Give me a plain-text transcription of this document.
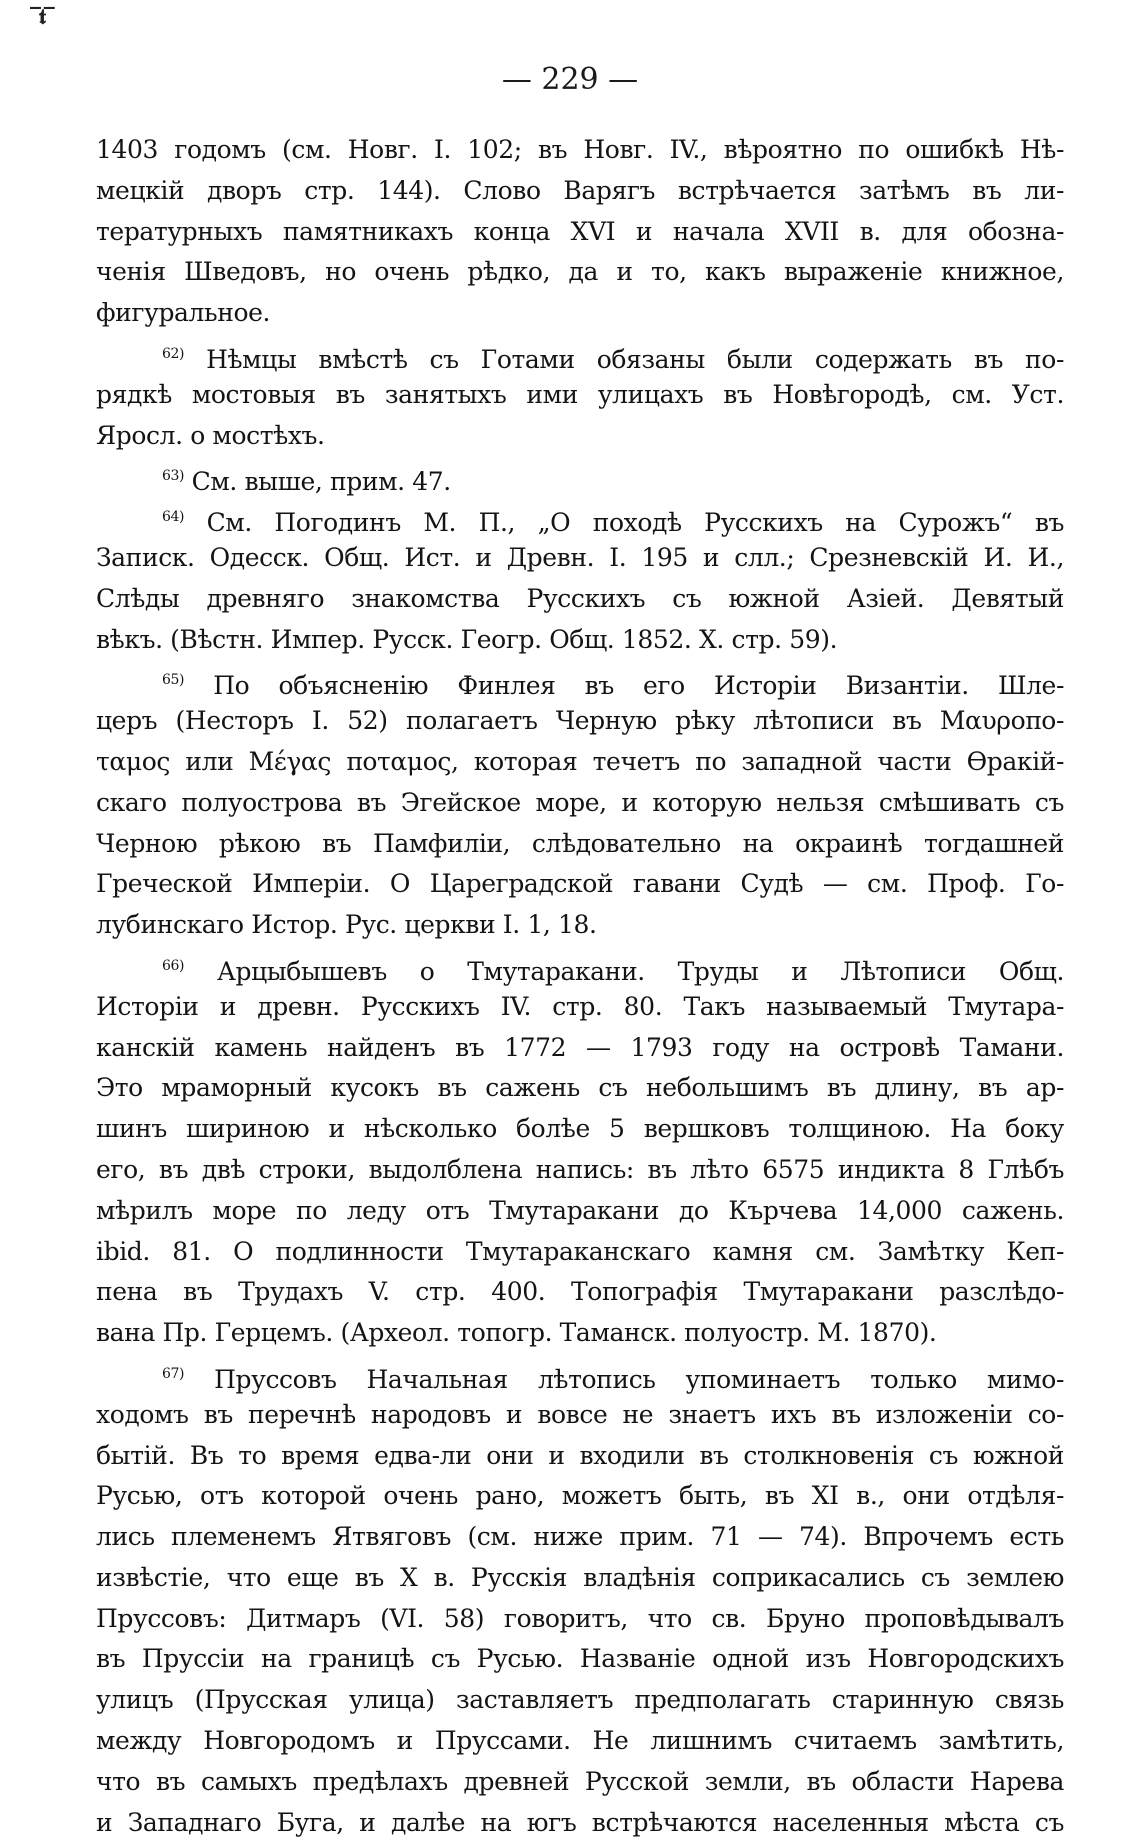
‾𝖙‾
— 229 —
1403 годомъ (см. Новг. I. 102; въ Новг. IV., вѣроятно по ошибкѣ Нѣ-
мецкій дворъ стр. 144). Слово Варягъ встрѣчается затѣмъ въ ли-
тературныхъ памятникахъ конца XVI и начала XVII в. для обозна-
ченія Шведовъ, но очень рѣдко, да и то, какъ выраженіе книжное,
фигуральное.
$^{62)}$ Нѣмцы вмѣстѣ съ Готами обязаны были содержать въ по-
рядкѣ мостовыя въ занятыхъ ими улицахъ въ Новѣгородѣ, см. Уст.
Яросл. о мостѣхъ.
$^{63)}$ См. выше, прим. 47.
$^{64)}$ См. Погодинъ М. П., „О походѣ Русскихъ на Сурожъ“ въ
Записк. Одесск. Общ. Ист. и Древн. I. 195 и слл.; Срезневскій И. И.,
Слѣды древняго знакомства Русскихъ съ южной Азіей. Девятый
вѣкъ. (Вѣстн. Импер. Русск. Геогр. Общ. 1852. X. стр. 59).
$^{65)}$ По объясненію Финлея въ его Исторіи Византіи. Шле-
церъ (Несторъ I. 52) полагаетъ Черную рѣку лѣтописи въ Μαυροπο-
ταμος или Μέγας ποταμος, которая течетъ по западной части Ѳракій-
скаго полуострова въ Эгейское море, и которую нельзя смѣшивать съ
Черною рѣкою въ Памфиліи, слѣдовательно на окраинѣ тогдашней
Греческой Имперіи. О Цареградской гавани Судѣ — см. Проф. Го-
лубинскаго Истор. Рус. церкви I. 1, 18.
$^{66)}$ Арцыбышевъ о Тмутаракани. Труды и Лѣтописи Общ.
Исторіи и древн. Русскихъ IV. стр. 80. Такъ называемый Тмутара-
канскій камень найденъ въ 1772 — 1793 году на островѣ Тамани.
Это мраморный кусокъ въ сажень съ небольшимъ въ длину, въ ар-
шинъ шириною и нѣсколько болѣе 5 вершковъ толщиною. На боку
его, въ двѣ строки, выдолблена напись: въ лѣто 6575 индикта 8 Глѣбъ
мѣрилъ море по леду отъ Тмутаракани до Кърчева 14,000 сажень.
ibid. 81. О подлинности Тмутараканскаго камня см. Замѣтку Кеп-
пена въ Трудахъ V. стр. 400. Топографія Тмутаракани разслѣдо-
вана Пр. Герцемъ. (Археол. топогр. Таманск. полуостр. М. 1870).
$^{67)}$ Пруссовъ Начальная лѣтопись упоминаетъ только мимо-
ходомъ въ перечнѣ народовъ и вовсе не знаетъ ихъ въ изложеніи со-
бытій. Въ то время едва-ли они и входили въ столкновенія съ южной
Русью, отъ которой очень рано, можетъ быть, въ XI в., они отдѣля-
лись племенемъ Ятвяговъ (см. ниже прим. 71 — 74). Впрочемъ есть
извѣстіе, что еще въ X в. Русскія владѣнія соприкасались съ землею
Пруссовъ: Дитмаръ (VI. 58) говоритъ, что св. Бруно проповѣдывалъ
въ Пруссіи на границѣ съ Русью. Названіе одной изъ Новгородскихъ
улицъ (Прусская улица) заставляетъ предполагать старинную связь
между Новгородомъ и Пруссами. Не лишнимъ считаемъ замѣтить,
что въ самыхъ предѣлахъ древней Русской земли, въ области Нарева
и Западнаго Буга, и далѣе на югъ встрѣчаются населенныя мѣста съ
